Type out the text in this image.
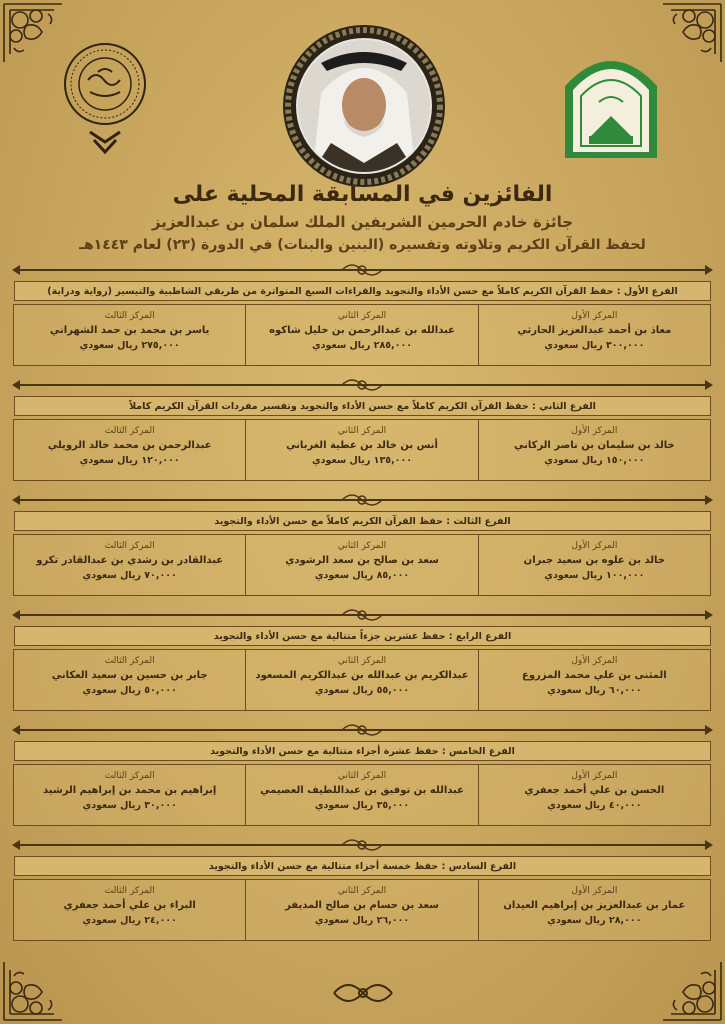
الفائزين في المسابقة المحلية على
جائزة خادم الحرمين الشريفين الملك سلمان بن عبدالعزيز
لحفظ القرآن الكريم وتلاوته وتفسيره (البنين والبنات) في الدورة (٢٣) لعام ١٤٤٣هـ
الفرع الأول : حفظ القرآن الكريم كاملاً مع حسن الأداء والتجويد والقراءات السبع المتواترة من طريقي الشاطبية والتيسير (رواية ودراية)
المركز الأول
معاذ بن أحمد عبدالعزيز الحارثي
٣٠٠,٠٠٠ ريال سعودي
المركز الثاني
عبدالله بن عبدالرحمن بن خليل شاكوه
٢٨٥,٠٠٠ ريال سعودي
المركز الثالث
ياسر بن محمد بن حمد الشهراني
٢٧٥,٠٠٠ ريال سعودي
الفرع الثاني : حفظ القرآن الكريم كاملاً مع حسن الأداء والتجويد وتفسير مفردات القرآن الكريم كاملاً
المركز الأول
خالد بن سليمان بن ناصر الركاني
١٥٠,٠٠٠ ريال سعودي
المركز الثاني
أنس بن خالد بن عطية الغرباني
١٣٥,٠٠٠ ريال سعودي
المركز الثالث
عبدالرحمن بن محمد خالد الرويلي
١٢٠,٠٠٠ ريال سعودي
الفرع الثالث : حفظ القرآن الكريم كاملاً مع حسن الأداء والتجويد
المركز الأول
خالد بن علوه بن سعيد جبران
١٠٠,٠٠٠ ريال سعودي
المركز الثاني
سعد بن صالح بن سعد الرشودي
٨٥,٠٠٠ ريال سعودي
المركز الثالث
عبدالقادر بن رشدي بن عبدالقادر تكرو
٧٠,٠٠٠ ريال سعودي
الفرع الرابع : حفظ عشرين جزءاً متتالية مع حسن الأداء والتجويد
المركز الأول
المثنى بن علي محمد المزروع
٦٠,٠٠٠ ريال سعودي
المركز الثاني
عبدالكريم بن عبدالله بن عبدالكريم المسعود
٥٥,٠٠٠ ريال سعودي
المركز الثالث
جابر بن حسين بن سعيد العكاني
٥٠,٠٠٠ ريال سعودي
الفرع الخامس : حفظ عشرة أجزاء متتالية مع حسن الأداء والتجويد
المركز الأول
الحسن بن علي أحمد جعفري
٤٠,٠٠٠ ريال سعودي
المركز الثاني
عبدالله بن توفيق بن عبداللطيف العصيمي
٣٥,٠٠٠ ريال سعودي
المركز الثالث
إبراهيم بن محمد بن إبراهيم الرشيد
٣٠,٠٠٠ ريال سعودي
الفرع السادس : حفظ خمسة أجزاء متتالية مع حسن الأداء والتجويد
المركز الأول
عمار بن عبدالعزيز بن إبراهيم العيدان
٢٨,٠٠٠ ريال سعودي
المركز الثاني
سعد بن حسام بن صالح المديفر
٢٦,٠٠٠ ريال سعودي
المركز الثالث
البراء بن علي أحمد جعفري
٢٤,٠٠٠ ريال سعودي
